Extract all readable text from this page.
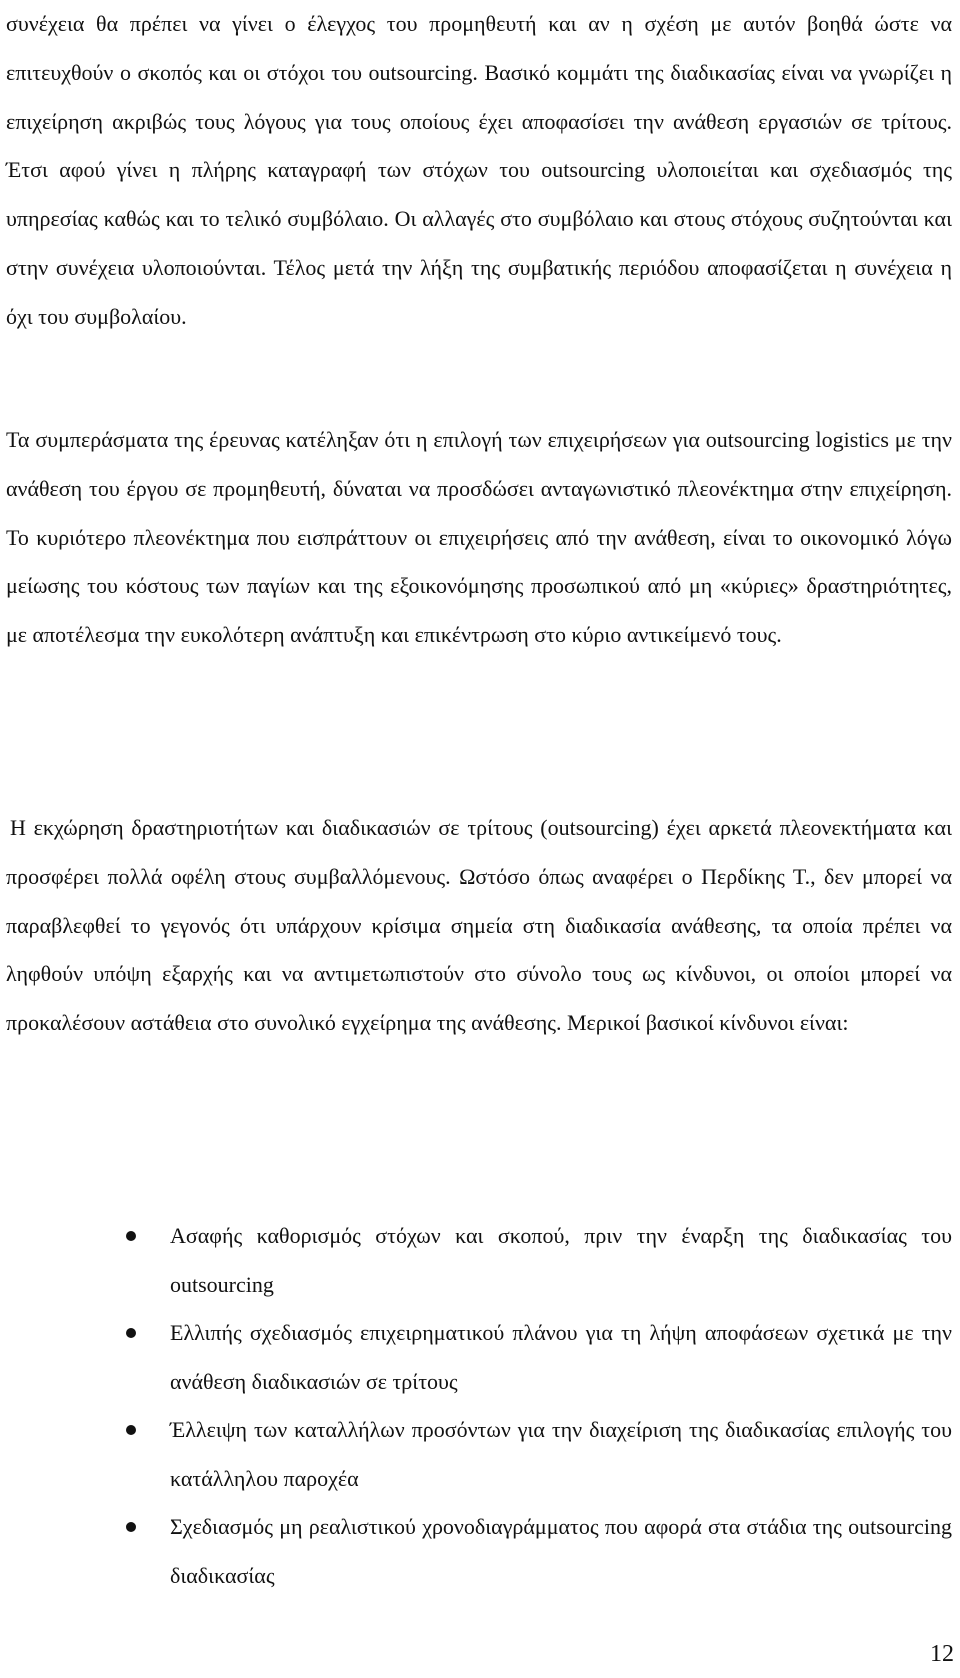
συνέχεια θα πρέπει να γίνει ο έλεγχος του προμηθευτή και αν η σχέση με αυτόν βοηθά ώστε να επιτευχθούν ο σκοπός και οι στόχοι του outsourcing. Βασικό κομμάτι της διαδικασίας είναι να γνωρίζει η επιχείρηση ακριβώς τους λόγους για τους οποίους έχει αποφασίσει την ανάθεση εργασιών σε τρίτους. Έτσι αφού γίνει η πλήρης καταγραφή των στόχων του outsourcing υλοποιείται και σχεδιασμός της υπηρεσίας καθώς και το τελικό συμβόλαιο. Οι αλλαγές στο συμβόλαιο και στους στόχους συζητούνται και στην συνέχεια υλοποιούνται. Τέλος μετά την λήξη της συμβατικής περιόδου αποφασίζεται η συνέχεια η όχι του συμβολαίου.

Τα συμπεράσματα της έρευνας κατέληξαν ότι η επιλογή των επιχειρήσεων για outsourcing logistics με την ανάθεση του έργου σε προμηθευτή, δύναται να προσδώσει ανταγωνιστικό πλεονέκτημα στην επιχείρηση. Το κυριότερο πλεονέκτημα που εισπράττουν οι επιχειρήσεις από την ανάθεση, είναι το οικονομικό λόγω μείωσης του κόστους των παγίων και της εξοικονόμησης προσωπικού από μη «κύριες» δραστηριότητες, με αποτέλεσμα την ευκολότερη ανάπτυξη και επικέντρωση στο κύριο αντικείμενό τους.

Η εκχώρηση δραστηριοτήτων και διαδικασιών σε τρίτους (outsourcing) έχει αρκετά πλεονεκτήματα και προσφέρει πολλά οφέλη στους συμβαλλόμενους. Ωστόσο όπως αναφέρει ο Περδίκης Τ., δεν μπορεί να παραβλεφθεί το γεγονός ότι υπάρχουν κρίσιμα σημεία στη διαδικασία ανάθεσης, τα οποία πρέπει να ληφθούν υπόψη εξαρχής και να αντιμετωπιστούν στο σύνολο τους ως κίνδυνοι, οι οποίοι μπορεί να προκαλέσουν αστάθεια στο συνολικό εγχείρημα της ανάθεσης. Μερικοί βασικοί κίνδυνοι είναι:

Ασαφής καθορισμός στόχων και σκοπού, πριν την έναρξη της διαδικασίας του outsourcing
Ελλιπής σχεδιασμός επιχειρηματικού πλάνου για τη λήψη αποφάσεων σχετικά με την ανάθεση διαδικασιών σε τρίτους
Έλλειψη των καταλλήλων προσόντων για την διαχείριση της διαδικασίας επιλογής του κατάλληλου παροχέα
Σχεδιασμός μη ρεαλιστικού χρονοδιαγράμματος που αφορά στα στάδια της outsourcing διαδικασίας
12
